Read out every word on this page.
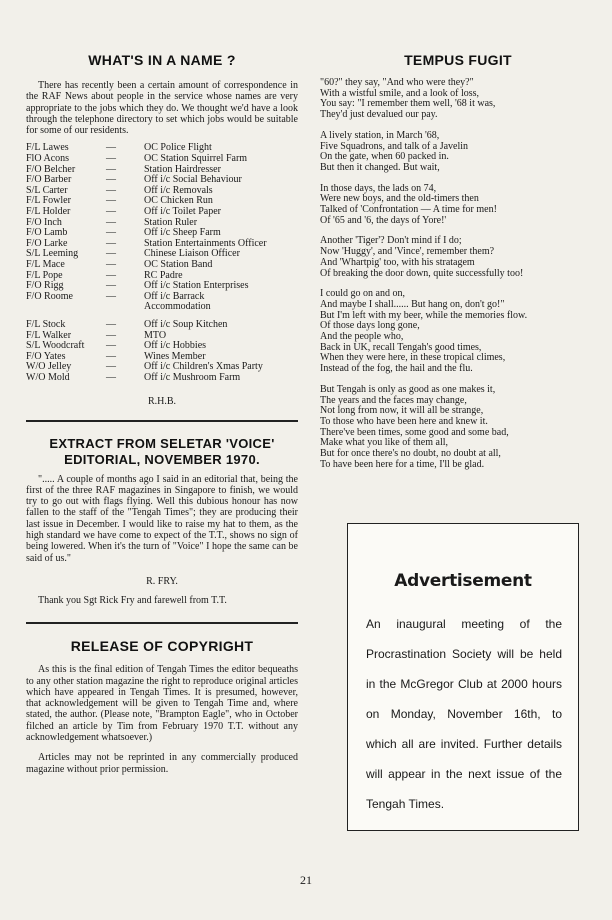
WHAT'S IN A NAME ?

There has recently been a certain amount of correspondence in the RAF News about people in the service whose names are very appropriate to the jobs which they do. We thought we'd have a look through the telephone directory to set which jobs would be suitable for some of our residents.

F/L Lawes	—	OC Police Flight
FlO Acons	—	OC Station Squirrel Farm
F/O Belcher	—	Station Hairdresser
F/O Barber	—	Off i/c Social Behaviour
S/L Carter	—	Off i/c Removals
F/L Fowler	—	OC Chicken Run
F/L Holder	—	Off i/c Toilet Paper
F/O Inch	—	Station Ruler
F/O Lamb	—	Off i/c Sheep Farm
F/O Larke	—	Station Entertainments Officer
S/L Leeming	—	Chinese Liaison Officer
F/L Mace	—	OC Station Band
F/L Pope	—	RC Padre
F/O Rigg	—	Off i/c Station Enterprises
F/O Roome	—	Off i/c Barrack
		Accommodation

F/L Stock	—	Off i/c Soup Kitchen
F/L Walker	—	MTO
S/L Woodcraft	—	Off i/c Hobbies
F/O Yates	—	Wines Member
W/O Jelley	—	Off i/c Children's Xmas Party
W/O Mold	—	Off i/c Mushroom Farm
R.H.B.
EXTRACT FROM SELETAR 'VOICE' EDITORIAL, NOVEMBER 1970.

"..... A couple of months ago I said in an editorial that, being the first of the three RAF magazines in Singapore to finish, we would try to go out with flags flying. Well this dubious honour has now fallen to the staff of the "Tengah Times"; they are producing their last issue in December. I would like to raise my hat to them, as the high standard we have come to expect of the T.T., shows no sign of being lowered. When it's the turn of "Voice" I hope the same can be said of us."

R. FRY.

Thank you Sgt Rick Fry and farewell from T.T.

RELEASE OF COPYRIGHT

As this is the final edition of Tengah Times the editor bequeaths to any other station magazine the right to reproduce original articles which have appeared in Tengah Times. It is presumed, however, that acknowledgement will be given to Tengah Time and, where stated, the author. (Please note, "Brampton Eagle", who in October filched an article by Tim from February 1970 T.T. without any acknowledgement whatsoever.)

Articles may not be reprinted in any commercially produced magazine without prior permission.

TEMPUS FUGIT
"60?" they say, "And who were they?"
With a wistful smile, and a look of loss,
You say: "I remember them well, '68 it was,
They'd just devalued our pay.
A lively station, in March '68,
Five Squadrons, and talk of a Javelin
On the gate, when 60 packed in.
But then it changed. But wait,
In those days, the lads on 74,
Were new boys, and the old-timers then
Talked of 'Confrontation — A time for men!
Of '65 and '6, the days of Yore!'
Another 'Tiger'? Don't mind if I do;
Now 'Huggy', and 'Vince', remember them?
And 'Whartpig' too, with his stratagem
Of breaking the door down, quite successfully too!
I could go on and on,
And maybe I shall...... But hang on, don't go!"
But I'm left with my beer, while the memories flow.
Of those days long gone,
And the people who,
Back in UK, recall Tengah's good times,
When they were here, in these tropical climes,
Instead of the fog, the hail and the flu.
But Tengah is only as good as one makes it,
The years and the faces may change,
Not long from now, it will all be strange,
To those who have been here and knew it.
There've been times, some good and some bad,
Make what you like of them all,
But for once there's no doubt, no doubt at all,
To have been here for a time, I'll be glad.
Advertisement
An inaugural meeting of the Procrastination Society will be held in the McGregor Club at 2000 hours on Monday, November 16th, to which all are invited. Further details will appear in the next issue of the Tengah Times.
21
